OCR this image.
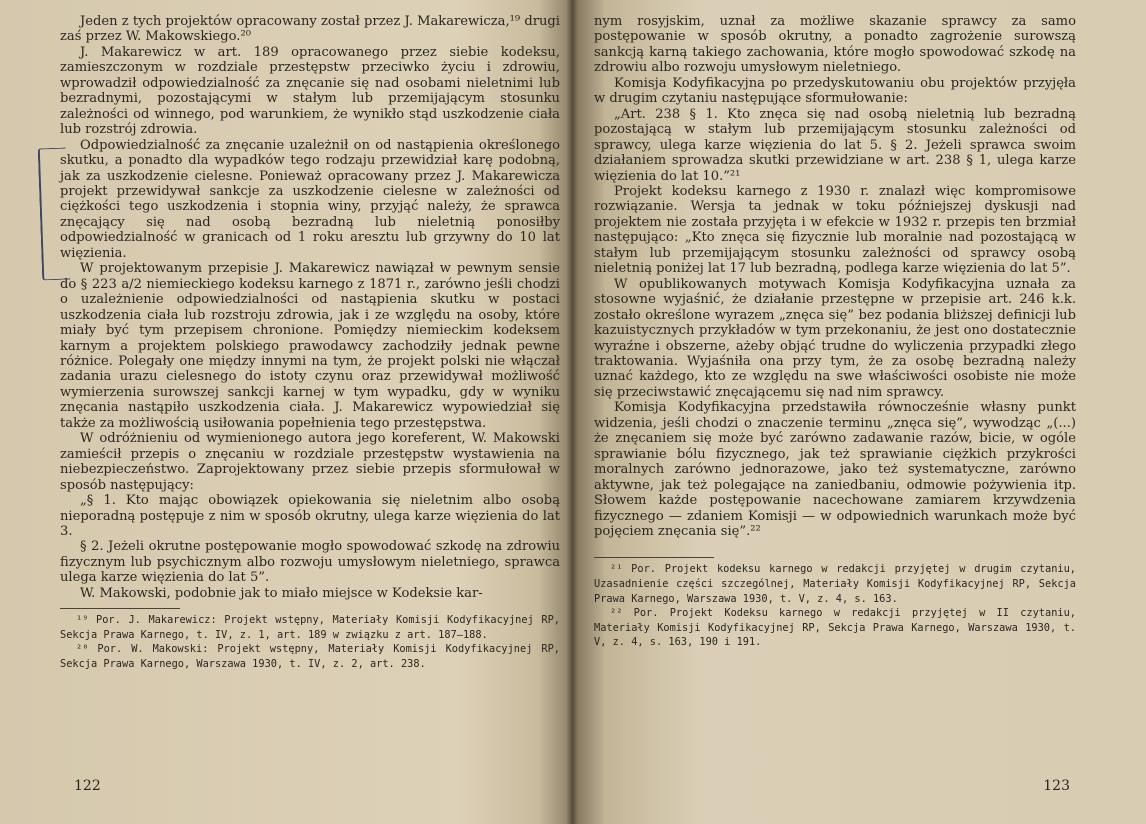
Jeden z tych projektów opracowany został przez J. Makarewicza,¹⁹ drugi zaś przez W. Makowskiego.²⁰

J. Makarewicz w art. 189 opracowanego przez siebie kodeksu, zamieszczonym w rozdziale przestępstw przeciwko życiu i zdrowiu, wprowadził odpowiedzialność za znęcanie się nad osobami nieletnimi lub bezradnymi, pozostającymi w stałym lub przemijającym stosunku zależności od winnego, pod warunkiem, że wynikło stąd uszkodzenie ciała lub rozstrój zdrowia.

Odpowiedzialność za znęcanie uzależnił on od nastąpienia określonego skutku, a ponadto dla wypadków tego rodzaju przewidział karę podobną, jak za uszkodzenie cielesne. Ponieważ opracowany przez J. Makarewicza projekt przewidywał sankcje za uszkodzenie cielesne w zależności od ciężkości tego uszkodzenia i stopnia winy, przyjąć należy, że sprawca znęcający się nad osobą bezradną lub nieletnią ponosiłby odpowiedzialność w granicach od 1 roku aresztu lub grzywny do 10 lat więzienia.

W projektowanym przepisie J. Makarewicz nawiązał w pewnym sensie do § 223 a/2 niemieckiego kodeksu karnego z 1871 r., zarówno jeśli chodzi o uzależnienie odpowiedzialności od nastąpienia skutku w postaci uszkodzenia ciała lub rozstroju zdrowia, jak i ze względu na osoby, które miały być tym przepisem chronione. Pomiędzy niemieckim kodeksem karnym a projektem polskiego prawodawcy zachodziły jednak pewne różnice. Polegały one między innymi na tym, że projekt polski nie włączał zadania urazu cielesnego do istoty czynu oraz przewidywał możliwość wymierzenia surowszej sankcji karnej w tym wypadku, gdy w wyniku znęcania nastąpiło uszkodzenia ciała. J. Makarewicz wypowiedział się także za możliwością usiłowania popełnienia tego przestępstwa.

W odróżnieniu od wymienionego autora jego koreferent, W. Makowski zamieścił przepis o znęcaniu w rozdziale przestępstw wystawienia na niebezpieczeństwo. Zaprojektowany przez siebie przepis sformułował w sposób następujący:

„§ 1. Kto mając obowiązek opiekowania się nieletnim albo osobą nieporadną postępuje z nim w sposób okrutny, ulega karze więzienia do lat 3.

§ 2. Jeżeli okrutne postępowanie mogło spowodować szkodę na zdrowiu fizycznym lub psychicznym albo rozwoju umysłowym nieletniego, sprawca ulega karze więzienia do lat 5”.

W. Makowski, podobnie jak to miało miejsce w Kodeksie kar-

¹⁹ Por. J. Makarewicz: Projekt wstępny, Materiały Komisji Kodyfikacyjnej RP, Sekcja Prawa Karnego, t. IV, z. 1, art. 189 w związku z art. 187—188.

²⁰ Por. W. Makowski: Projekt wstępny, Materiały Komisji Kodyfikacyjnej RP, Sekcja Prawa Karnego, Warszawa 1930, t. IV, z. 2, art. 238.

122

nym rosyjskim, uznał za możliwe skazanie sprawcy za samo postępowanie w sposób okrutny, a ponadto zagrożenie surowszą sankcją karną takiego zachowania, które mogło spowodować szkodę na zdrowiu albo rozwoju umysłowym nieletniego.

Komisja Kodyfikacyjna po przedyskutowaniu obu projektów przyjęła w drugim czytaniu następujące sformułowanie:

„Art. 238 § 1. Kto znęca się nad osobą nieletnią lub bezradną pozostającą w stałym lub przemijającym stosunku zależności od sprawcy, ulega karze więzienia do lat 5. § 2. Jeżeli sprawca swoim działaniem sprowadza skutki przewidziane w art. 238 § 1, ulega karze więzienia do lat 10.”²¹

Projekt kodeksu karnego z 1930 r. znalazł więc kompromisowe rozwiązanie. Wersja ta jednak w toku późniejszej dyskusji nad projektem nie została przyjęta i w efekcie w 1932 r. przepis ten brzmiał następująco: „Kto znęca się fizycznie lub moralnie nad pozostającą w stałym lub przemijającym stosunku zależności od sprawcy osobą nieletnią poniżej lat 17 lub bezradną, podlega karze więzienia do lat 5”.

W opublikowanych motywach Komisja Kodyfikacyjna uznała za stosowne wyjaśnić, że działanie przestępne w przepisie art. 246 k.k. zostało określone wyrazem „znęca się” bez podania bliższej definicji lub kazuistycznych przykładów w tym przekonaniu, że jest ono dostatecznie wyraźne i obszerne, ażeby objąć trudne do wyliczenia przypadki złego traktowania. Wyjaśniła ona przy tym, że za osobę bezradną należy uznać każdego, kto ze względu na swe właściwości osobiste nie może się przeciwstawić znęcającemu się nad nim sprawcy.

Komisja Kodyfikacyjna przedstawiła równocześnie własny punkt widzenia, jeśli chodzi o znaczenie terminu „znęca się”, wywodząc „(...) że znęcaniem się może być zarówno zadawanie razów, bicie, w ogóle sprawianie bólu fizycznego, jak też sprawianie ciężkich przykrości moralnych zarówno jednorazowe, jako też systematyczne, zarówno aktywne, jak też polegające na zaniedbaniu, odmowie pożywienia itp. Słowem każde postępowanie nacechowane zamiarem krzywdzenia fizycznego — zdaniem Komisji — w odpowiednich warunkach może być pojęciem znęcania się”.²²

²¹ Por. Projekt kodeksu karnego w redakcji przyjętej w drugim czytaniu, Uzasadnienie części szczególnej, Materiały Komisji Kodyfikacyjnej RP, Sekcja Prawa Karnego, Warszawa 1930, t. V, z. 4, s. 163.

²² Por. Projekt Kodeksu karnego w redakcji przyjętej w II czytaniu, Materiały Komisji Kodyfikacyjnej RP, Sekcja Prawa Karnego, Warszawa 1930, t. V, z. 4, s. 163, 190 i 191.

123
